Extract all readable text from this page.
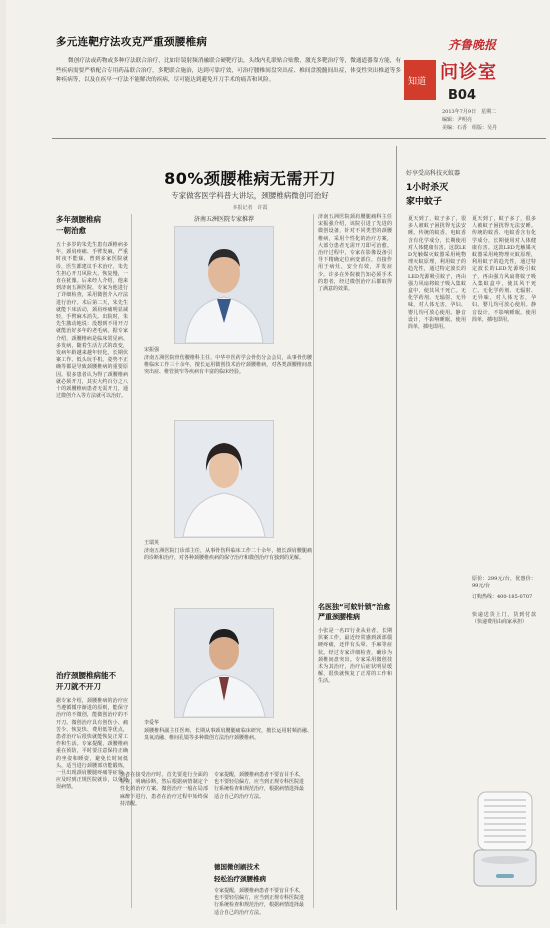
多元连靶疗法攻克严重颈腰椎病
微创疗法或药物或多种疗法联合治疗，比如针镜射频消融联合硬靶疗法，头线内孔联贴合贴敷，激光多靶治疗等，微通道器靠方能，有些疾病需要严格配合专用药品联合治疗，多靶联合施治，达到可靠疗效，可治疗腰椎间盘突出症、椎间盘脱髓间出症，体变性突出椎道等多种疾病等，以及在疾早一疗法不能解决的疾病，尽可能达到避免开刀手术的痛苦和风险。
齐鲁晚报
知道 问诊室
B04
2013年7月9日　星期二
编辑：尹明亮
美编：石香　组版：吴丹
80%颈腰椎病无需开刀
专家做客医学科普大讲坛，颈腰椎病微创可治好
本报记者　许霞
多年颈腰椎病一朝治愈
五十多岁的朱先生患有颈椎病多年，颈肩疼痛、手臂发麻，严重时夜不能寐，曾到多家医院就诊，医生都建议手术治疗。朱先生担心开刀风险大、恢复慢，一直在犹豫。后来经人介绍，他来到济南五洲医院，专家为他进行了详细检查，采用微创介入疗法进行治疗。术后第二天，朱先生就能下床活动，颈肩疼痛明显减轻，手臂麻木消失。出院时，朱先生激动地说：没想到不用开刀就能治好多年的老毛病。据专家介绍，颈腰椎病是临床常见病、多发病，随着生活方式的改变，发病年龄越来越年轻化。长期伏案工作、低头玩手机、姿势不正确等都是导致颈腰椎病的重要原因。很多患者认为得了颈腰椎病就必须开刀，其实大约百分之八十的颈腰椎病患者无需开刀，通过微创介入等方法就可以治好。
治疗颈腰椎病能不开刀就不开刀
据专家介绍，颈腰椎病的治疗应当遵循循序渐进的原则，能保守治疗的不微创，能微创治疗的不开刀。微创治疗具有创伤小、痛苦少、恢复快、费用低等优点，患者治疗后很快就能恢复正常工作和生活。专家提醒，颈腰椎病重在预防，平时要注意保持正确的坐姿和睡姿，避免长时间低头，适当进行颈腰部功能锻炼，一旦出现颈肩腰腿疼痛等症状，应及时到正规医院就诊，以免延误病情。
济南五洲医院专家推荐
宋振强
济南五洲医院骨伤腰椎科主任，中华中医药学会骨伤分会会员，从事骨伤腰椎临床工作三十余年，擅长运用微创技术治疗颈腰椎病，对各类颈腰椎间盘突出症、椎管狭窄等疾病有丰富的临床经验。
王瑞英
济南五洲医院门诊部主任，从事骨伤科临床工作二十余年，擅长颈肩腰腿痛的诊断和治疗，对各种颈腰椎疾病的保守治疗和微创治疗有独到的见解。
李爱华
颈腰椎科副主任医师，长期从事颈肩腰腿痛临床研究，擅长运用射频消融、臭氧消融、椎间孔镜等多种微创方法治疗颈腰椎病。
患者在接受治疗时，首先要进行全面的检查，明确诊断，然后根据病情制定个性化的治疗方案。微创治疗一般在局部麻醉下进行，患者在治疗过程中始终保持清醒。
专家提醒，颈腰椎病患者不要盲目手术，也不要轻信偏方，应当到正规专科医院进行系统检查和规范治疗，根据病情选择最适合自己的治疗方法。
德国微创刷技术
轻松治疗颈腰椎病
专家提醒，颈腰椎病患者不要盲目手术，也不要轻信偏方，应当到正规专科医院进行系统检查和规范治疗，根据病情选择最适合自己的治疗方法。
济南五洲医院颈肩腰腿痛科主任宋振强介绍，该院引进了先进的微创设备，针对不同类型的颈腰椎病，采用个性化的治疗方案，大部分患者无需开刀即可治愈。治疗过程中，专家在影像设备引导下精确定位病变部位，直接作用于病灶，安全有效，并发症少。许多在外院被告知必须手术的患者，经过微创治疗后都取得了满意的效果。
名医独“可蚊针锁”治愈严重颈腰椎病
小张是一名IT行业从业者，长期伏案工作，最近经常感到颈部僵硬疼痛，还伴有头晕、手麻等症状。经过专家详细检查，确诊为颈椎间盘突出。专家采用微创技术为其治疗，治疗后症状明显缓解，很快就恢复了正常的工作和生活。
好享受高科技灭蚊器
1小时杀灭
家中蚊子
夏天到了，蚊子多了，很多人被蚊子困扰得无法安睡。传统的蚊香、电蚊香含有化学成分，长期使用对人体健康有害。这款LED光触媒灭蚊器采用纯物理灭蚊原理，利用蚊子的趋光性，通过特定波长的LED光源吸引蚊子，再由强力风扇将蚊子吸入集蚊盒中，使其风干死亡。无化学药剂、无辐射、无异味，对人体无害，孕妇、婴儿均可放心使用。静音设计，不影响睡眠。使用简单，插电即用。
夏天到了，蚊子多了，很多人被蚊子困扰得无法安睡。传统的蚊香、电蚊香含有化学成分，长期使用对人体健康有害。这款LED光触媒灭蚊器采用纯物理灭蚊原理，利用蚊子的趋光性，通过特定波长的LED光源吸引蚊子，再由强力风扇将蚊子吸入集蚊盒中，使其风干死亡。无化学药剂、无辐射、无异味，对人体无害，孕妇、婴儿均可放心使用。静音设计，不影响睡眠。使用简单，插电即用。
原价：299元/台，优惠价：99元/台
订购热线：400-185-0707
快递送货上门，货到付款（快递费用由商家承担）
